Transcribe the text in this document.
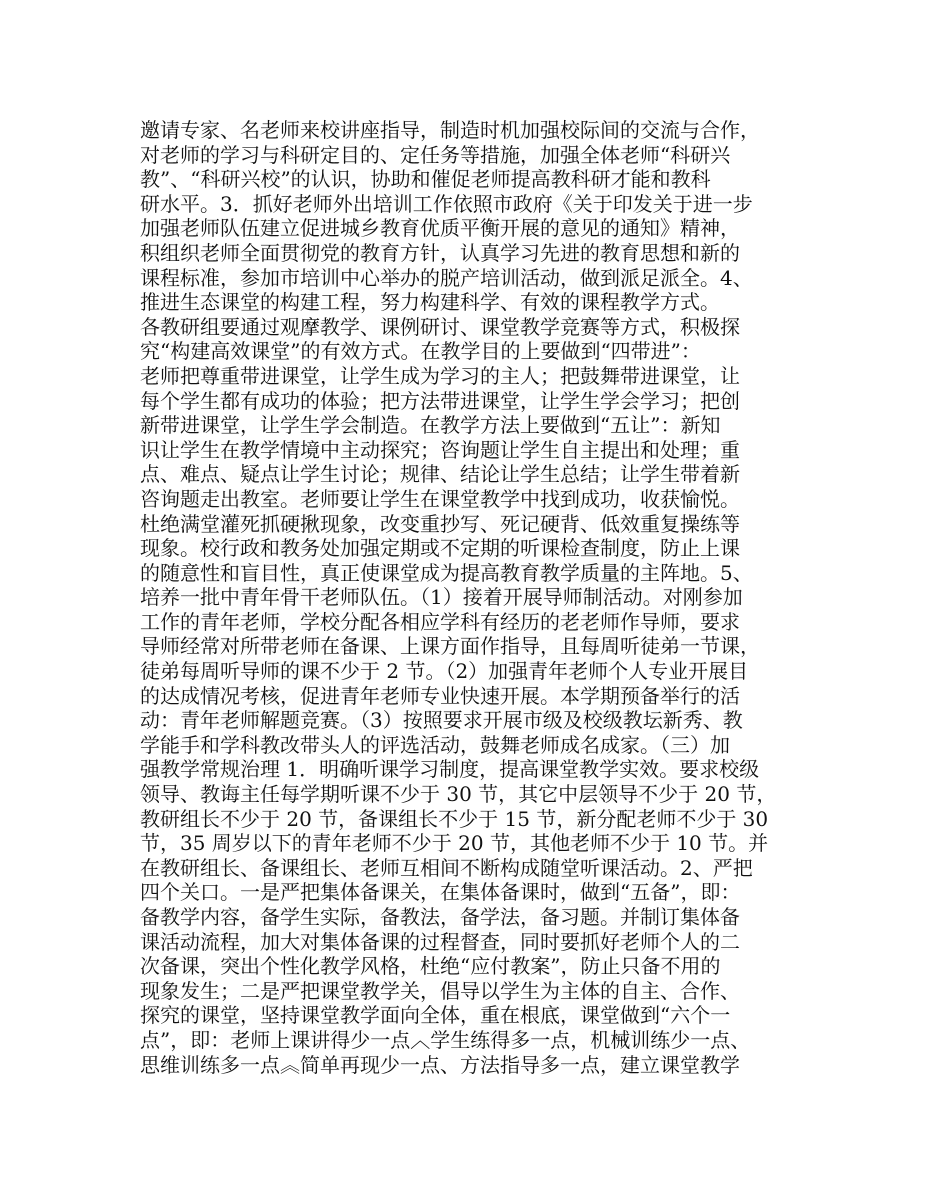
邀请专家、名老师来校讲座指导，制造时机加强校际间的交流与合作，
对老师的学习与科研定目的、定任务等措施，加强全体老师“科研兴
教”、“科研兴校”的认识，协助和催促老师提高教科研才能和教科
研水平。3．抓好老师外出培训工作依照市政府《关于印发关于进一步
加强老师队伍建立促进城乡教育优质平衡开展的意见的通知》精神，
积组织老师全面贯彻党的教育方针，认真学习先进的教育思想和新的
课程标准，参加市培训中心举办的脱产培训活动，做到派足派全。4、
推进生态课堂的构建工程，努力构建科学、有效的课程教学方式。
各教研组要通过观摩教学、课例研讨、课堂教学竞赛等方式，积极探
究“构建高效课堂”的有效方式。在教学目的上要做到“四带进”：
老师把尊重带进课堂，让学生成为学习的主人；把鼓舞带进课堂，让
每个学生都有成功的体验；把方法带进课堂，让学生学会学习；把创
新带进课堂，让学生学会制造。在教学方法上要做到“五让”：新知
识让学生在教学情境中主动探究；咨询题让学生自主提出和处理；重
点、难点、疑点让学生讨论；规律、结论让学生总结；让学生带着新
咨询题走出教室。老师要让学生在课堂教学中找到成功，收获愉悦。
杜绝满堂灌死抓硬揪现象，改变重抄写、死记硬背、低效重复操练等
现象。校行政和教务处加强定期或不定期的听课检查制度，防止上课
的随意性和盲目性，真正使课堂成为提高教育教学质量的主阵地。5、
培养一批中青年骨干老师队伍。（1）接着开展导师制活动。对刚参加
工作的青年老师，学校分配各相应学科有经历的老老师作导师，要求
导师经常对所带老师在备课、上课方面作指导，且每周听徒弟一节课，
徒弟每周听导师的课不少于 2 节。（2）加强青年老师个人专业开展目
的达成情况考核，促进青年老师专业快速开展。本学期预备举行的活
动：青年老师解题竞赛。（3）按照要求开展市级及校级教坛新秀、教
学能手和学科教改带头人的评选活动，鼓舞老师成名成家。（三）加
强教学常规治理 1．明确听课学习制度，提高课堂教学实效。要求校级
领导、教诲主任每学期听课不少于 30 节，其它中层领导不少于 20 节，
教研组长不少于 20 节，备课组长不少于 15 节，新分配老师不少于 30
节，35 周岁以下的青年老师不少于 20 节，其他老师不少于 10 节。并
在教研组长、备课组长、老师互相间不断构成随堂听课活动。2、严把
四个关口。一是严把集体备课关，在集体备课时，做到“五备”，即：
备教学内容，备学生实际，备教法，备学法，备习题。并制订集体备
课活动流程，加大对集体备课的过程督查，同时要抓好老师个人的二
次备课，突出个性化教学风格，杜绝“应付教案”，防止只备不用的
现象发生；二是严把课堂教学关，倡导以学生为主体的自主、合作、
探究的课堂，坚持课堂教学面向全体，重在根底，课堂做到“六个一
点”，即：老师上课讲得少一点︿学生练得多一点，机械训练少一点、
思维训练多一点︽简单再现少一点、方法指导多一点，建立课堂教学
